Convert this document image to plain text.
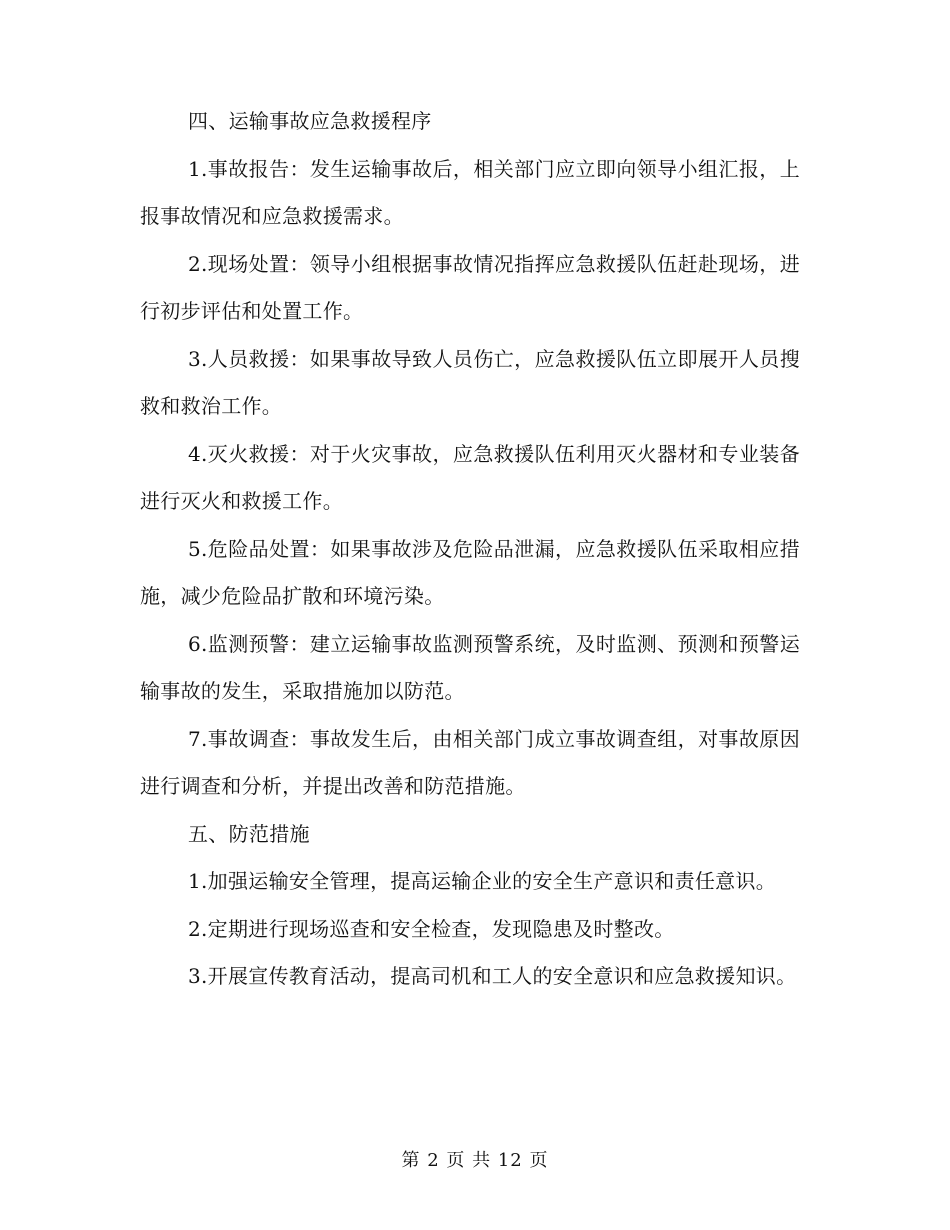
四、运输事故应急救援程序

1.事故报告：发生运输事故后，相关部门应立即向领导小组汇报，上报事故情况和应急救援需求。

2.现场处置：领导小组根据事故情况指挥应急救援队伍赶赴现场，进行初步评估和处置工作。

3.人员救援：如果事故导致人员伤亡，应急救援队伍立即展开人员搜救和救治工作。

4.灭火救援：对于火灾事故，应急救援队伍利用灭火器材和专业装备进行灭火和救援工作。

5.危险品处置：如果事故涉及危险品泄漏，应急救援队伍采取相应措施，减少危险品扩散和环境污染。

6.监测预警：建立运输事故监测预警系统，及时监测、预测和预警运输事故的发生，采取措施加以防范。

7.事故调查：事故发生后，由相关部门成立事故调查组，对事故原因进行调查和分析，并提出改善和防范措施。

五、防范措施

1.加强运输安全管理，提高运输企业的安全生产意识和责任意识。

2.定期进行现场巡查和安全检查，发现隐患及时整改。

3.开展宣传教育活动，提高司机和工人的安全意识和应急救援知识。

第 2 页 共 12 页
